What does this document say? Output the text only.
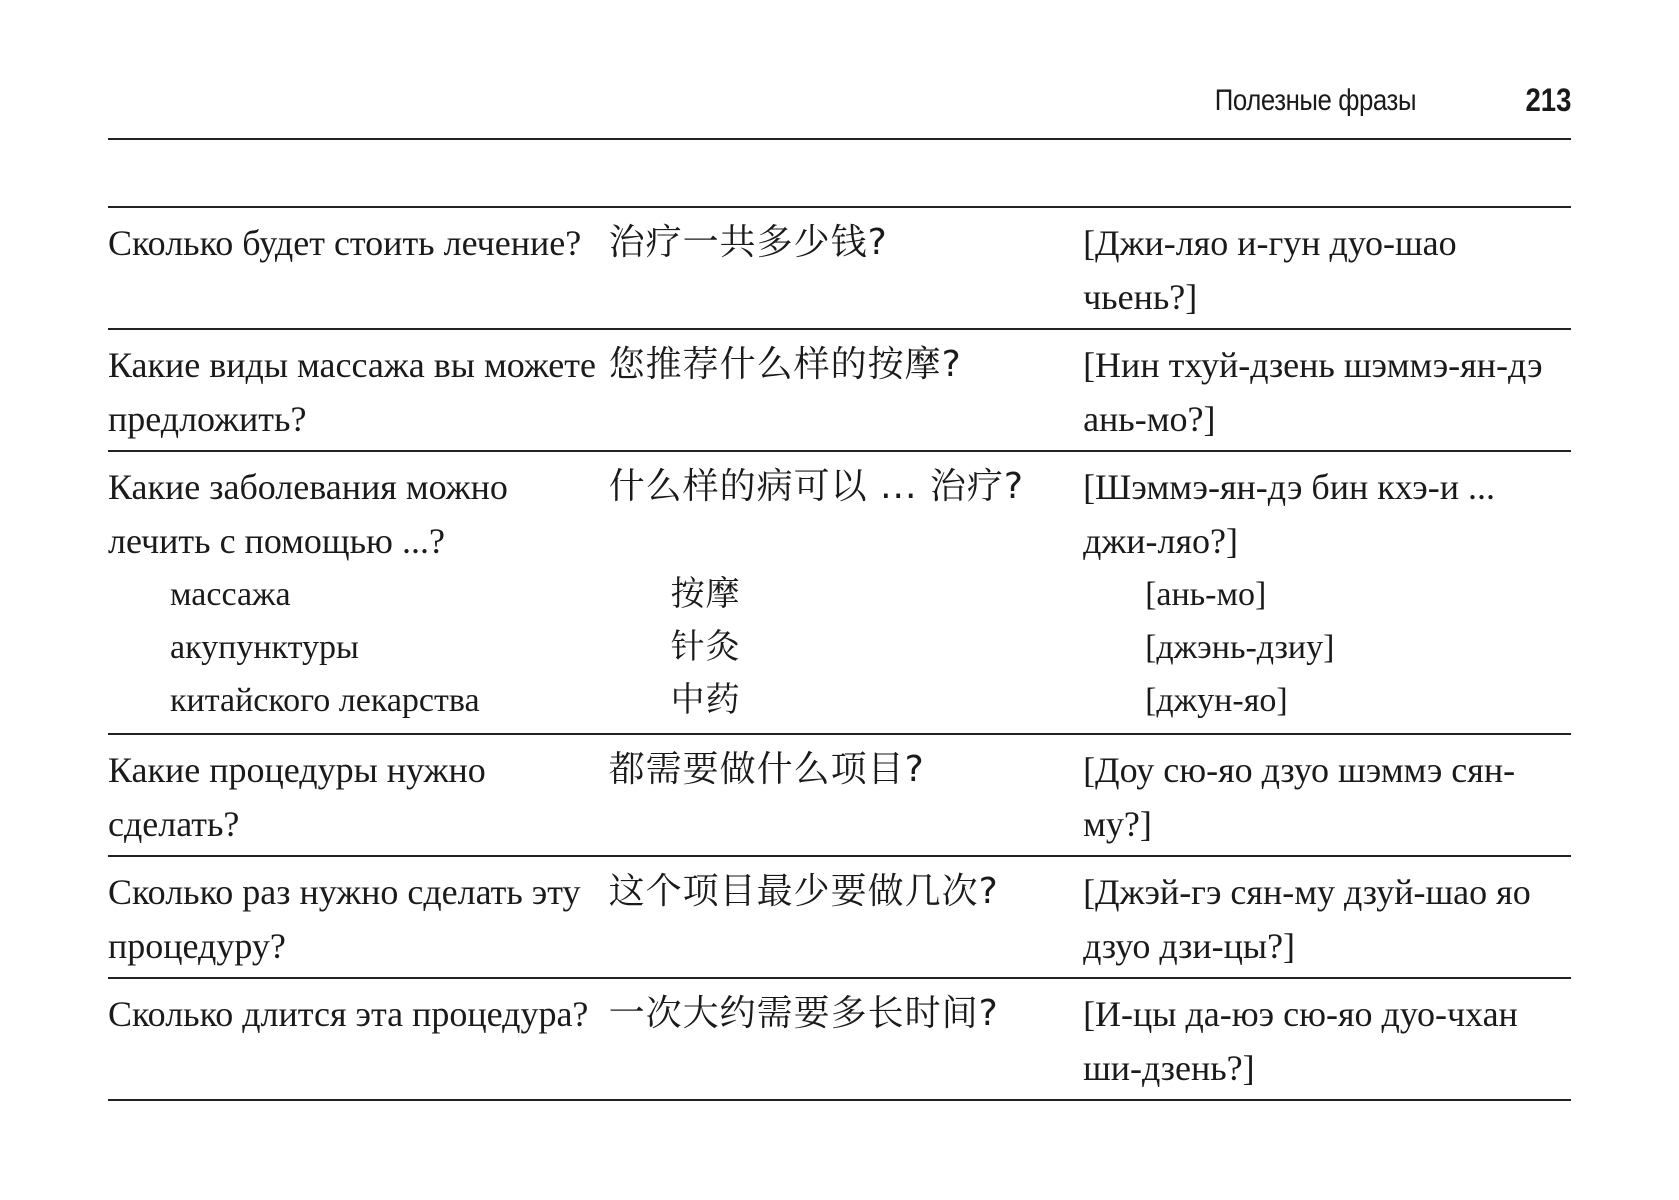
Полезные фразы	213
Сколько будет стоить лечение?	治疗一共多少钱?	[Джи-ляо и-гун дуо-шао чьень?]
Какие виды массажа вы можете предложить?	您推荐什么样的按摩?	[Нин тхуй-дзень шэммэ-ян-дэ ань-мо?]
Какие заболевания можно лечить с помощью ...?	什么样的病可以 ... 治疗?	[Шэммэ-ян-дэ бин кхэ-и ... джи-ляо?]
массажа	按摩	[ань-мо]
акупунктуры	针灸	[джэнь-дзиу]
китайского лекарства	中药	[джун-яо]
Какие процедуры нужно сделать?	都需要做什么项目?	[Доу сю-яо дзуо шэммэ сян-му?]
Сколько раз нужно сделать эту процедуру?	这个项目最少要做几次?	[Джэй-гэ сян-му дзуй-шао яо дзуо дзи-цы?]
Сколько длится эта процедура?	一次大约需要多长时间?	[И-цы да-юэ сю-яо дуо-чхан ши-дзень?]
